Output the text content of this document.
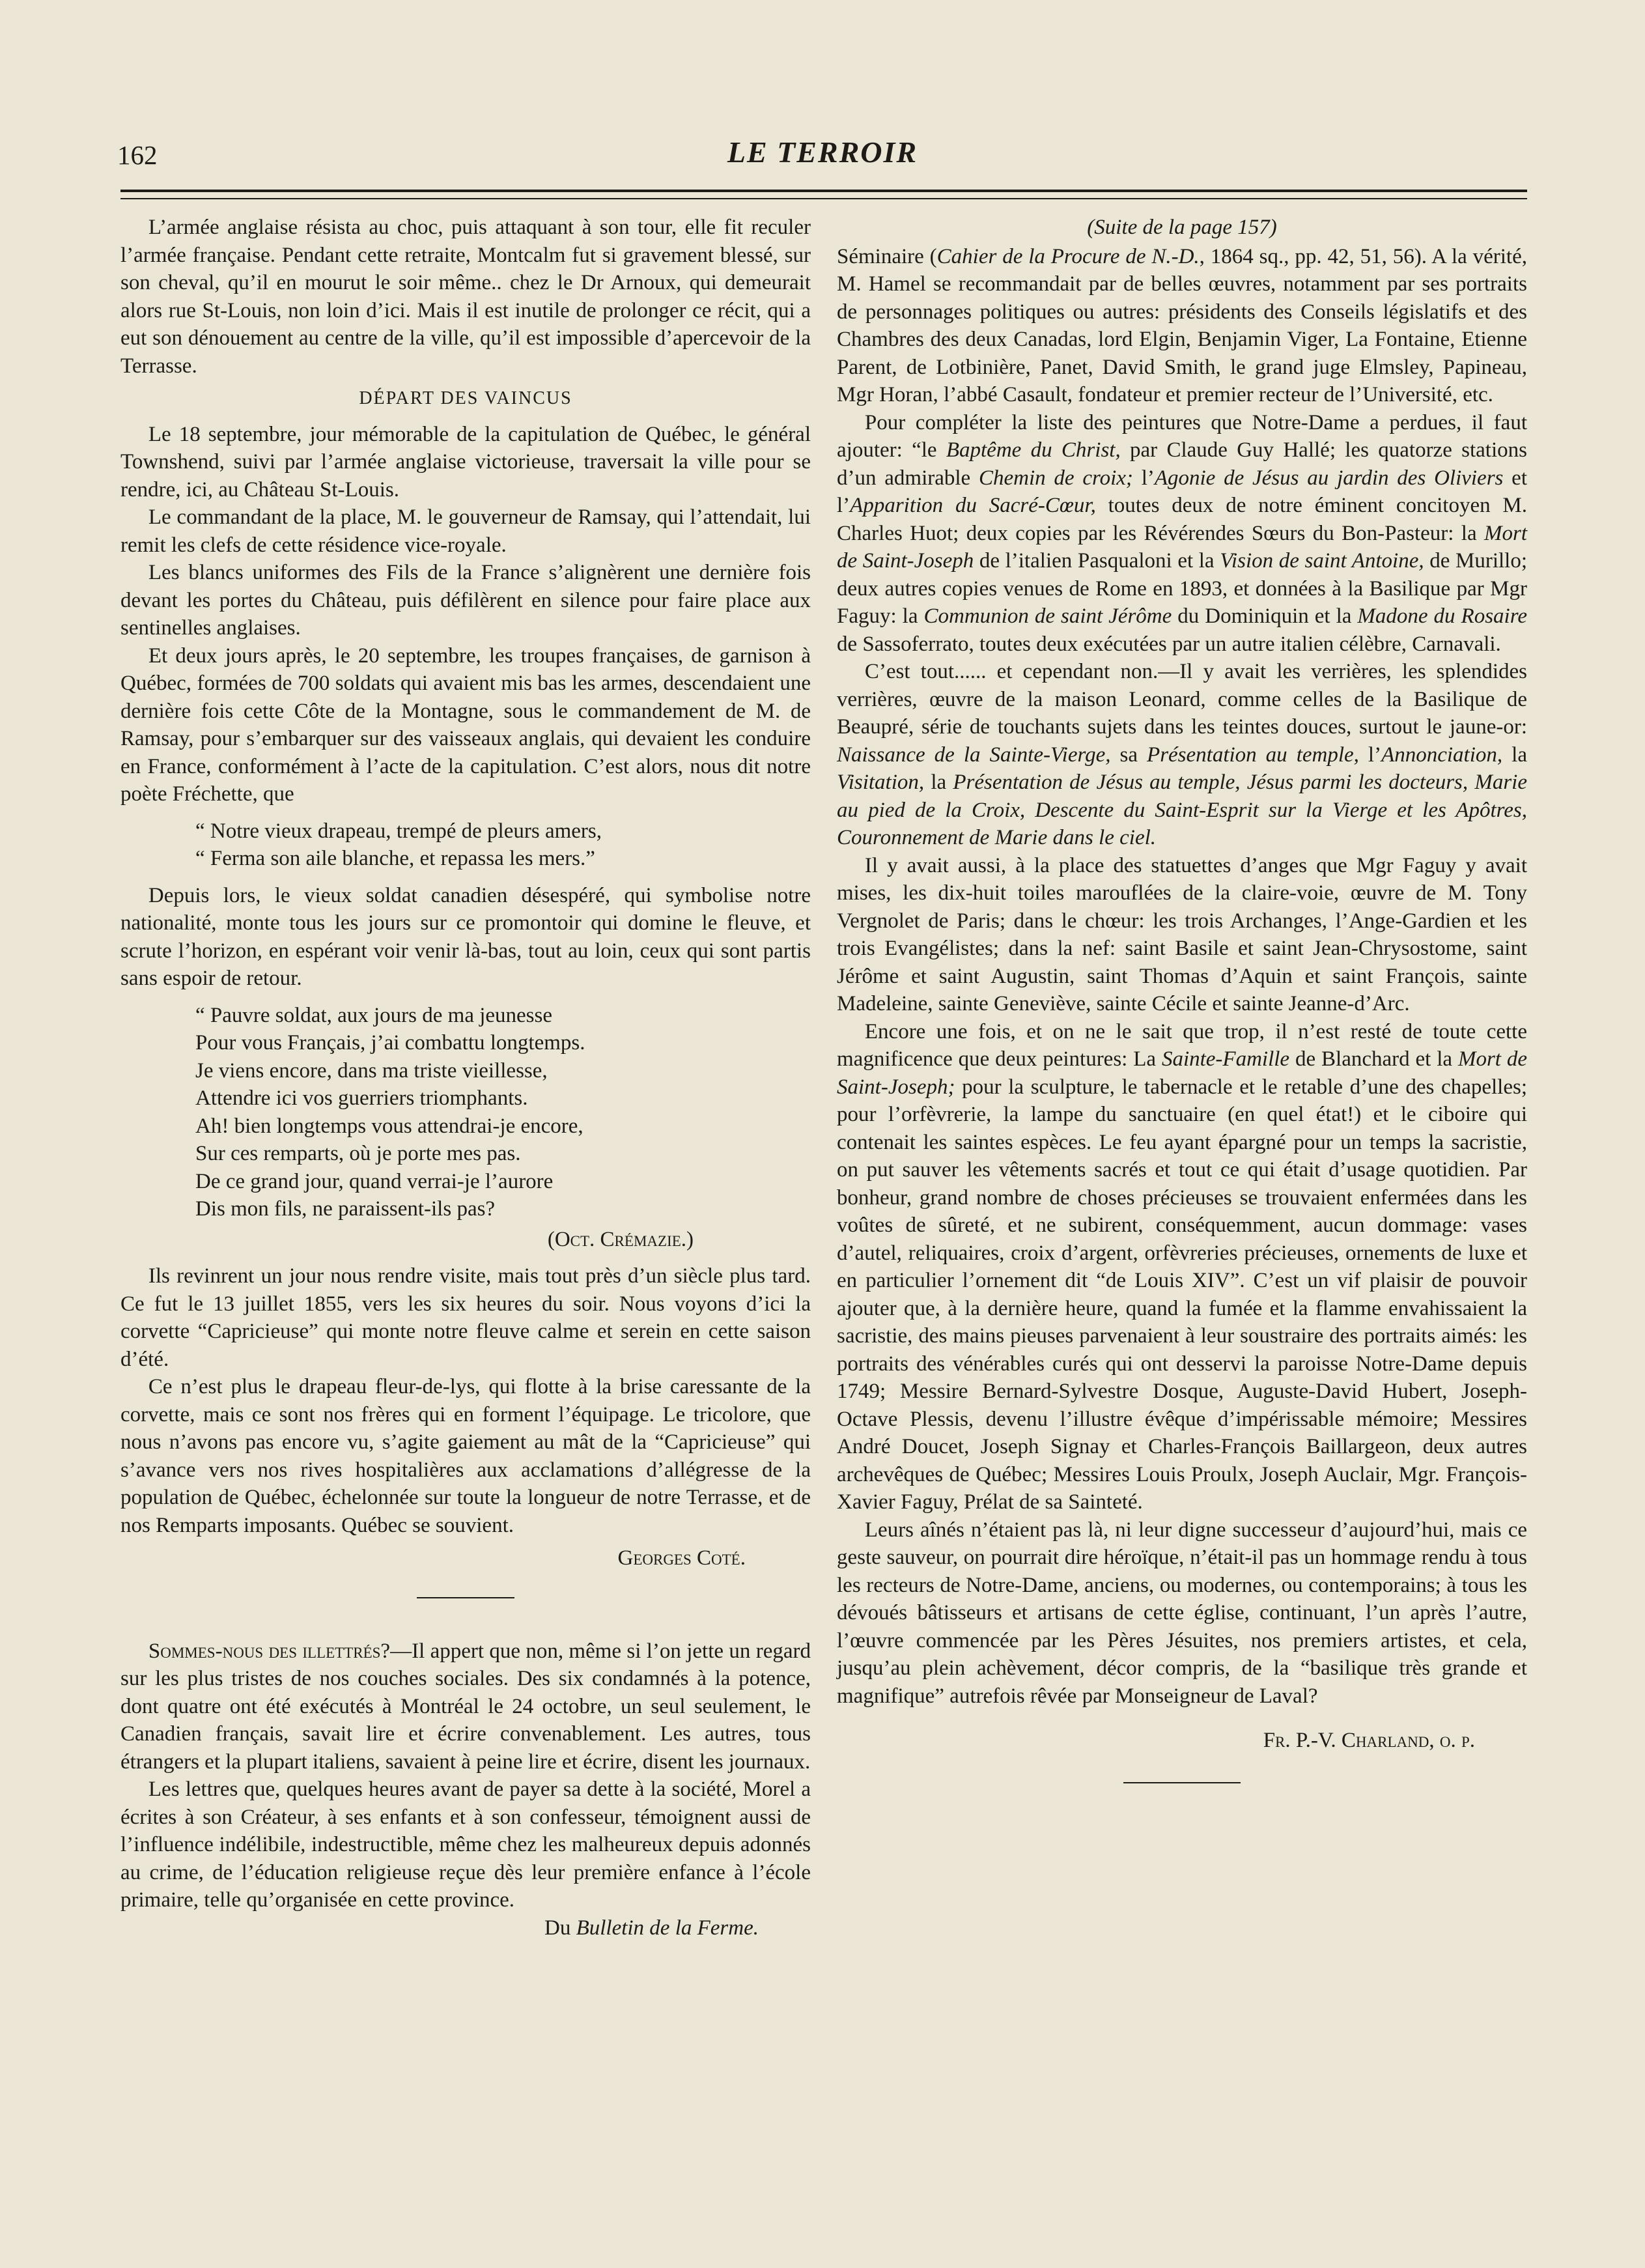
162	LE TERROIR

L’armée anglaise résista au choc, puis attaquant à son tour, elle fit reculer l’armée française. Pendant cette retraite, Montcalm fut si gravement blessé, sur son cheval, qu’il en mourut le soir même.. chez le Dr Arnoux, qui demeurait alors rue St-Louis, non loin d’ici. Mais il est inutile de prolonger ce récit, qui a eut son dénouement au centre de la ville, qu’il est impossible d’apercevoir de la Terrasse.

DÉPART DES VAINCUS

Le 18 septembre, jour mémorable de la capitulation de Québec, le général Townshend, suivi par l’armée anglaise victorieuse, traversait la ville pour se rendre, ici, au Château St-Louis.

Le commandant de la place, M. le gouverneur de Ramsay, qui l’attendait, lui remit les clefs de cette résidence vice-royale.

Les blancs uniformes des Fils de la France s’alignèrent une dernière fois devant les portes du Château, puis défilèrent en silence pour faire place aux sentinelles anglaises.

Et deux jours après, le 20 septembre, les troupes françaises, de garnison à Québec, formées de 700 soldats qui avaient mis bas les armes, descendaient une dernière fois cette Côte de la Montagne, sous le commandement de M. de Ramsay, pour s’embarquer sur des vaisseaux anglais, qui devaient les conduire en France, conformément à l’acte de la capitulation. C’est alors, nous dit notre poète Fréchette, que

“ Notre vieux drapeau, trempé de pleurs amers,
“ Ferma son aile blanche, et repassa les mers.”

Depuis lors, le vieux soldat canadien désespéré, qui symbolise notre nationalité, monte tous les jours sur ce promontoir qui domine le fleuve, et scrute l’horizon, en espérant voir venir là-bas, tout au loin, ceux qui sont partis sans espoir de retour.

“ Pauvre soldat, aux jours de ma jeunesse
Pour vous Français, j’ai combattu longtemps.
Je viens encore, dans ma triste vieillesse,
Attendre ici vos guerriers triomphants.
Ah! bien longtemps vous attendrai-je encore,
Sur ces remparts, où je porte mes pas.
De ce grand jour, quand verrai-je l’aurore
Dis mon fils, ne paraissent-ils pas?
(Oct. Crémazie.)

Ils revinrent un jour nous rendre visite, mais tout près d’un siècle plus tard. Ce fut le 13 juillet 1855, vers les six heures du soir. Nous voyons d’ici la corvette “Capricieuse” qui monte notre fleuve calme et serein en cette saison d’été.

Ce n’est plus le drapeau fleur-de-lys, qui flotte à la brise caressante de la corvette, mais ce sont nos frères qui en forment l’équipage. Le tricolore, que nous n’avons pas encore vu, s’agite gaiement au mât de la “Capricieuse” qui s’avance vers nos rives hospitalières aux acclamations d’allégresse de la population de Québec, échelonnée sur toute la longueur de notre Terrasse, et de nos Remparts imposants. Québec se souvient.

Georges Coté.

Sommes-nous des illettrés?—Il appert que non, même si l’on jette un regard sur les plus tristes de nos couches sociales. Des six condamnés à la potence, dont quatre ont été exécutés à Montréal le 24 octobre, un seul seulement, le Canadien français, savait lire et écrire convenablement. Les autres, tous étrangers et la plupart italiens, savaient à peine lire et écrire, disent les journaux.

Les lettres que, quelques heures avant de payer sa dette à la société, Morel a écrites à son Créateur, à ses enfants et à son confesseur, témoignent aussi de l’influence indélibile, indestructible, même chez les malheureux depuis adonnés au crime, de l’éducation religieuse reçue dès leur première enfance à l’école primaire, telle qu’organisée en cette province.

Du Bulletin de la Ferme.
(Suite de la page 157)

Séminaire (Cahier de la Procure de N.-D., 1864 sq., pp. 42, 51, 56). A la vérité, M. Hamel se recommandait par de belles œuvres, notamment par ses portraits de personnages politiques ou autres: présidents des Conseils législatifs et des Chambres des deux Canadas, lord Elgin, Benjamin Viger, La Fontaine, Etienne Parent, de Lotbinière, Panet, David Smith, le grand juge Elmsley, Papineau, Mgr Horan, l’abbé Casault, fondateur et premier recteur de l’Université, etc.

Pour compléter la liste des peintures que Notre-Dame a perdues, il faut ajouter: “le Baptême du Christ, par Claude Guy Hallé; les quatorze stations d’un admirable Chemin de croix; l’Agonie de Jésus au jardin des Oliviers et l’Apparition du Sacré-Cœur, toutes deux de notre éminent concitoyen M. Charles Huot; deux copies par les Révérendes Sœurs du Bon-Pasteur: la Mort de Saint-Joseph de l’italien Pasqualoni et la Vision de saint Antoine, de Murillo; deux autres copies venues de Rome en 1893, et données à la Basilique par Mgr Faguy: la Communion de saint Jérôme du Dominiquin et la Madone du Rosaire de Sassoferrato, toutes deux exécutées par un autre italien célèbre, Carnavali.

C’est tout...... et cependant non.—Il y avait les verrières, les splendides verrières, œuvre de la maison Leonard, comme celles de la Basilique de Beaupré, série de touchants sujets dans les teintes douces, surtout le jaune-or: Naissance de la Sainte-Vierge, sa Présentation au temple, l’Annonciation, la Visitation, la Présentation de Jésus au temple, Jésus parmi les docteurs, Marie au pied de la Croix, Descente du Saint-Esprit sur la Vierge et les Apôtres, Couronnement de Marie dans le ciel.

Il y avait aussi, à la place des statuettes d’anges que Mgr Faguy y avait mises, les dix-huit toiles marouflées de la claire-voie, œuvre de M. Tony Vergnolet de Paris; dans le chœur: les trois Archanges, l’Ange-Gardien et les trois Evangélistes; dans la nef: saint Basile et saint Jean-Chrysostome, saint Jérôme et saint Augustin, saint Thomas d’Aquin et saint François, sainte Madeleine, sainte Geneviève, sainte Cécile et sainte Jeanne-d’Arc.

Encore une fois, et on ne le sait que trop, il n’est resté de toute cette magnificence que deux peintures: La Sainte-Famille de Blanchard et la Mort de Saint-Joseph; pour la sculpture, le tabernacle et le retable d’une des chapelles; pour l’orfèvrerie, la lampe du sanctuaire (en quel état!) et le ciboire qui contenait les saintes espèces. Le feu ayant épargné pour un temps la sacristie, on put sauver les vêtements sacrés et tout ce qui était d’usage quotidien. Par bonheur, grand nombre de choses précieuses se trouvaient enfermées dans les voûtes de sûreté, et ne subirent, conséquemment, aucun dommage: vases d’autel, reliquaires, croix d’argent, orfèvreries précieuses, ornements de luxe et en particulier l’ornement dit “de Louis XIV”. C’est un vif plaisir de pouvoir ajouter que, à la dernière heure, quand la fumée et la flamme envahissaient la sacristie, des mains pieuses parvenaient à leur soustraire des portraits aimés: les portraits des vénérables curés qui ont desservi la paroisse Notre-Dame depuis 1749; Messire Bernard-Sylvestre Dosque, Auguste-David Hubert, Joseph-Octave Plessis, devenu l’illustre évêque d’impérissable mémoire; Messires André Doucet, Joseph Signay et Charles-François Baillargeon, deux autres archevêques de Québec; Messires Louis Proulx, Joseph Auclair, Mgr. François-Xavier Faguy, Prélat de sa Sainteté.

Leurs aînés n’étaient pas là, ni leur digne successeur d’aujourd’hui, mais ce geste sauveur, on pourrait dire héroïque, n’était-il pas un hommage rendu à tous les recteurs de Notre-Dame, anciens, ou modernes, ou contemporains; à tous les dévoués bâtisseurs et artisans de cette église, continuant, l’un après l’autre, l’œuvre commencée par les Pères Jésuites, nos premiers artistes, et cela, jusqu’au plein achèvement, décor compris, de la “basilique très grande et magnifique” autrefois rêvée par Monseigneur de Laval?

Fr. P.-V. Charland, o. p.
